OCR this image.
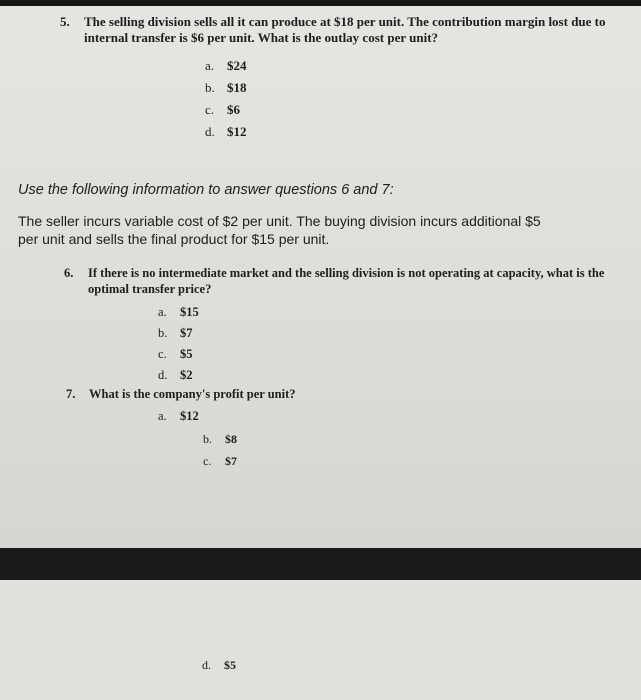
5. The selling division sells all it can produce at $18 per unit. The contribution margin lost due to
internal transfer is $6 per unit. What is the outlay cost per unit?
a. $24
b. $18
c. $6
d. $12
Use the following information to answer questions 6 and 7:
The seller incurs variable cost of $2 per unit. The buying division incurs additional $5
per unit and sells the final product for $15 per unit.
6. If there is no intermediate market and the selling division is not operating at capacity, what is the
optimal transfer price?
a. $15
b. $7
c. $5
d. $2
7. What is the company's profit per unit?
a. $12
b. $8
c. $7
d. $5
